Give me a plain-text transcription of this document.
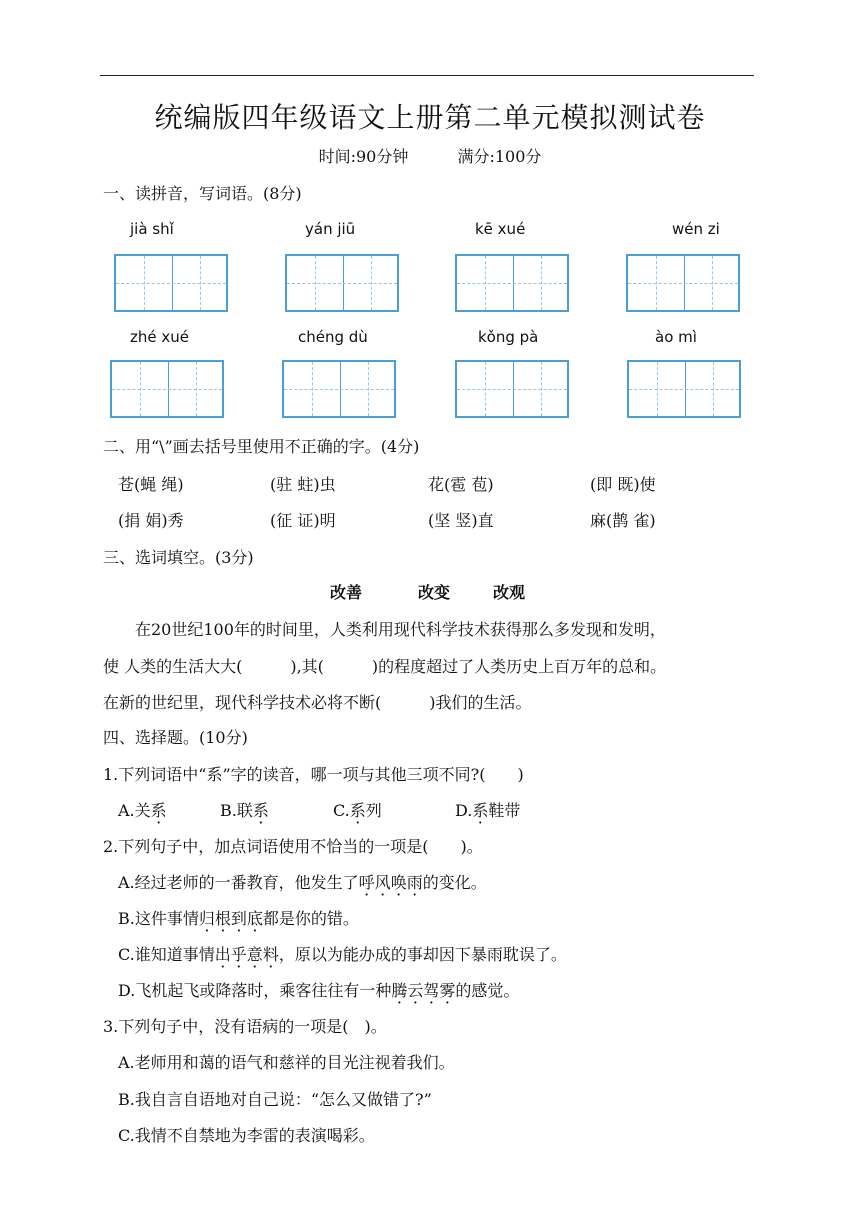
统编版四年级语文上册第二单元模拟测试卷
时间:90分钟	满分:100分
一、读拼音，写词语。(8分)
jià shǐ	yán jiū	kē xué	wén zi
zhé xué	chéng dù	kǒng pà	ào mì
二、用“\”画去括号里使用不正确的字。(4分)
苍(蝇 绳)	(驻 蛀)虫	花(雹 苞)	(即 既)使
(捐 娟)秀	(征 证)明	(坚 竖)直	麻(鹊 雀)
三、选词填空。(3分)
改善	改变	改观
在20世纪100年的时间里，人类利用现代科学技术获得那么多发现和发明，
使 人类的生活大大(　　　),其(　　　)的程度超过了人类历史上百万年的总和。
在新的世纪里，现代科学技术必将不断(　　　)我们的生活。
四、选择题。(10分)
1.下列词语中“系”字的读音，哪一项与其他三项不同?(　　)
A.关系	B.联系	C.系列	D.系鞋带
2.下列句子中，加点词语使用不恰当的一项是(　　)。
A.经过老师的一番教育，他发生了呼风唤雨的变化。
B.这件事情归根到底都是你的错。
C.谁知道事情出乎意料，原以为能办成的事却因下暴雨耽误了。
D.飞机起飞或降落时，乘客往往有一种腾云驾雾的感觉。
3.下列句子中，没有语病的一项是(　)。
A.老师用和蔼的语气和慈祥的目光注视着我们。
B.我自言自语地对自己说：“怎么又做错了?”
C.我情不自禁地为李雷的表演喝彩。
